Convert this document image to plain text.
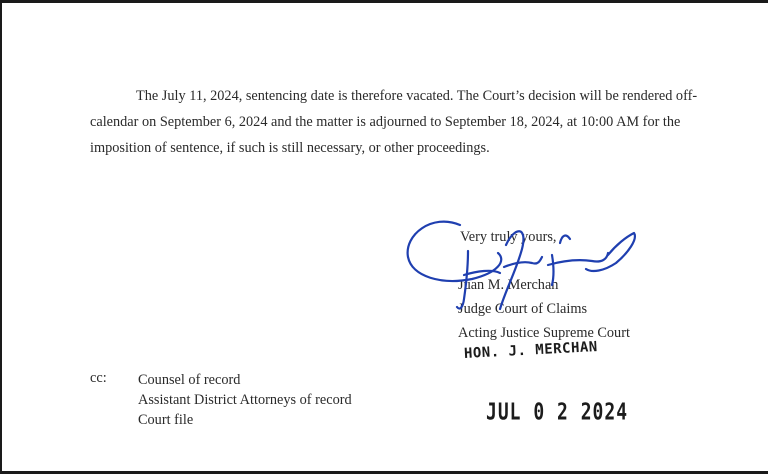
The July 11, 2024, sentencing date is therefore vacated. The Court’s decision will be rendered off-calendar on September 6, 2024 and the matter is adjourned to September 18, 2024, at 10:00 AM for the imposition of sentence, if such is still necessary, or other proceedings.

Very truly yours,
Juan M. Merchan
Judge Court of Claims
Acting Justice Supreme Court
HON. J. MERCHAN
JUL 0 2 2024
cc: Counsel of record
Assistant District Attorneys of record
Court file
